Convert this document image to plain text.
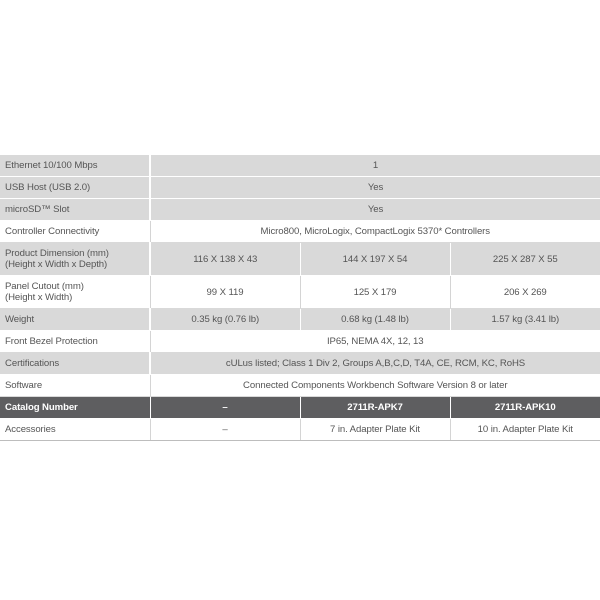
Ethernet 10/100 Mbps	1		
USB Host (USB 2.0)	Yes		
microSD™ Slot	Yes		
Controller Connectivity	Micro800, MicroLogix, CompactLogix 5370* Controllers		
Product Dimension (mm)
(Height x Width x Depth)	116 X 138 X 43	144 X 197 X 54	225 X 287 X 55
Panel Cutout (mm)
(Height x Width)	99 X 119	125 X 179	206 X 269
Weight	0.35 kg (0.76 lb)	0.68 kg (1.48 lb)	1.57 kg (3.41 lb)
Front Bezel Protection	IP65, NEMA 4X, 12, 13		
Certifications	cULus listed; Class 1 Div 2, Groups A,B,C,D, T4A, CE, RCM, KC, RoHS		
Software	Connected Components Workbench Software Version 8 or later		
Catalog Number	–	2711R-APK7	2711R-APK10
Accessories	–	7 in. Adapter Plate Kit	10 in. Adapter Plate Kit
